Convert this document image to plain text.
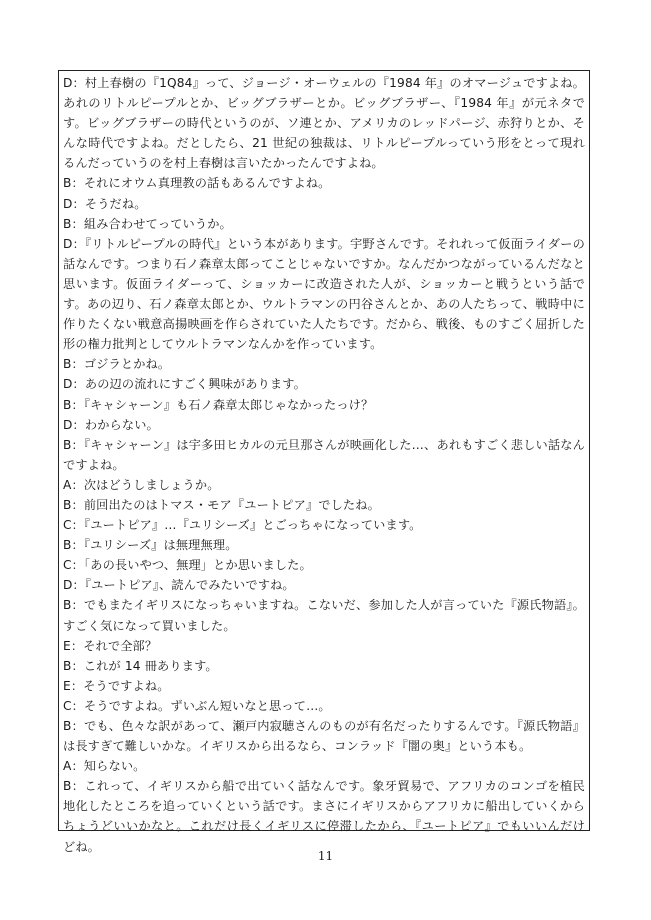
D：村上春樹の『1Q84』って、ジョージ・オーウェルの『1984 年』のオマージュですよね。あれのリトルピープルとか、ビッグブラザーとか。ビッグブラザー、『1984 年』が元ネタです。ビッグブラザーの時代というのが、ソ連とか、アメリカのレッドパージ、赤狩りとか、そんな時代ですよね。だとしたら、21 世紀の独裁は、リトルピープルっていう形をとって現れるんだっていうのを村上春樹は言いたかったんですよね。

B：それにオウム真理教の話もあるんですよね。

D：そうだね。

B：組み合わせてっていうか。

D：『リトルピープルの時代』という本があります。宇野さんです。それれって仮面ライダーの話なんです。つまり石ノ森章太郎ってことじゃないですか。なんだかつながっているんだなと思います。仮面ライダーって、ショッカーに改造された人が、ショッカーと戦うという話です。あの辺り、石ノ森章太郎とか、ウルトラマンの円谷さんとか、あの人たちって、戦時中に作りたくない戦意高揚映画を作らされていた人たちです。だから、戦後、ものすごく屈折した形の権力批判としてウルトラマンなんかを作っています。

B：ゴジラとかね。

D：あの辺の流れにすごく興味があります。

B：『キャシャーン』も石ノ森章太郎じゃなかったっけ？

D：わからない。

B：『キャシャーン』は宇多田ヒカルの元旦那さんが映画化した…、あれもすごく悲しい話なんですよね。

A：次はどうしましょうか。

B：前回出たのはトマス・モア『ユートピア』でしたね。

C：『ユートピア』…『ユリシーズ』とごっちゃになっています。

B：『ユリシーズ』は無理無理。

C：「あの長いやつ、無理」とか思いました。

D：『ユートピア』、読んでみたいですね。

B：でもまたイギリスになっちゃいますね。こないだ、参加した人が言っていた『源氏物語』。すごく気になって買いました。

E：それで全部？

B：これが 14 冊あります。

E：そうですよね。

C：そうですよね。ずいぶん短いなと思って…。

B：でも、色々な訳があって、瀬戸内寂聴さんのものが有名だったりするんです。『源氏物語』は長すぎて難しいかな。イギリスから出るなら、コンラッド『闇の奥』という本も。

A：知らない。

B：これって、イギリスから船で出ていく話なんです。象牙貿易で、アフリカのコンゴを植民地化したところを追っていくという話です。まさにイギリスからアフリカに船出していくからちょうどいいかなと。これだけ長くイギリスに停滞したから、『ユートピア』でもいいんだけどね。

11
